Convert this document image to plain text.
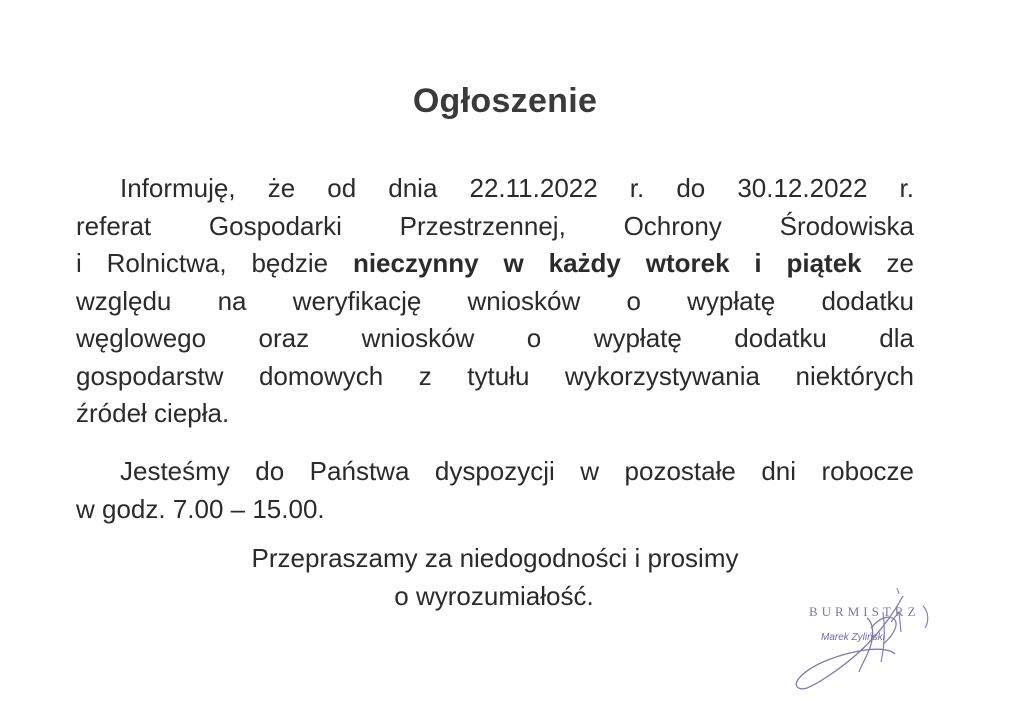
Ogłoszenie
Informuję, że od dnia 22.11.2022 r. do 30.12.2022 r.
referat Gospodarki Przestrzennej, Ochrony Środowiska
i Rolnictwa, będzie nieczynny w każdy wtorek i piątek ze
względu na weryfikację wniosków o wypłatę dodatku
węglowego oraz wniosków o wypłatę dodatku dla
gospodarstw domowych z tytułu wykorzystywania niektórych
źródeł ciepła.
Jesteśmy do Państwa dyspozycji w pozostałe dni robocze
w godz. 7.00 – 15.00.
Przepraszamy za niedogodności i prosimy
o wyrozumiałość.
BURMISTRZ
Marek Zyliński
